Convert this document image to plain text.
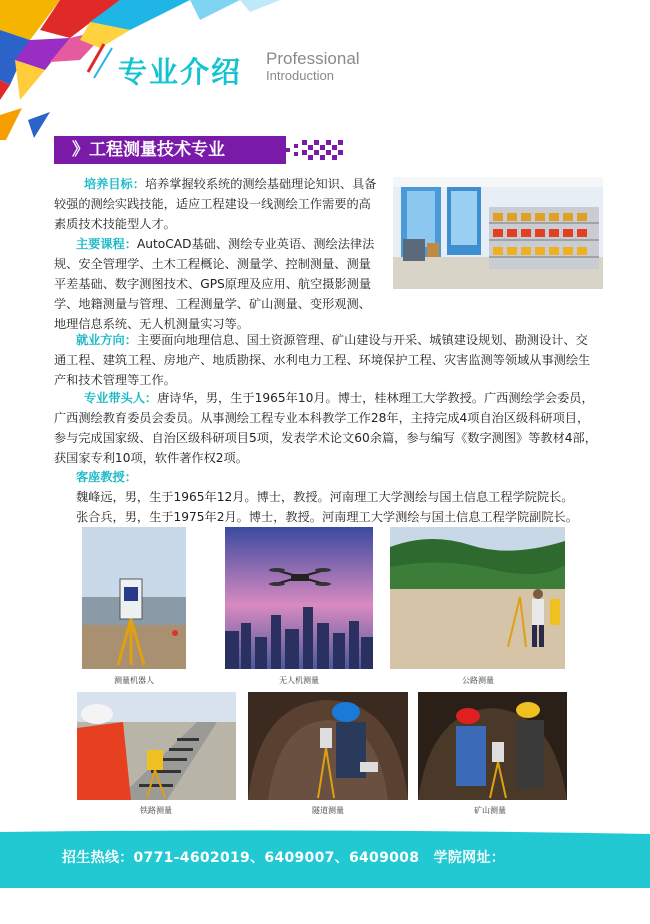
专业介绍 Professional
Introduction
》工程测量技术专业
培养目标：培养掌握较系统的测绘基础理论知识、具备
较强的测绘实践技能，适应工程建设一线测绘工作需要的高
素质技术技能型人才。
主要课程：AutoCAD基础、测绘专业英语、测绘法律法
规、安全管理学、土木工程概论、测量学、控制测量、测量
平差基础、数字测图技术、GPS原理及应用、航空摄影测量
学、地籍测量与管理、工程测量学、矿山测量、变形观测、
地理信息系统、无人机测量实习等。
就业方向：主要面向地理信息、国土资源管理、矿山建设与开采、城镇建设规划、勘测设计、交
通工程、建筑工程、房地产、地质勘探、水利电力工程、环境保护工程、灾害监测等领域从事测绘生
产和技术管理等工作。
专业带头人：唐诗华，男，生于1965年10月。博士，桂林理工大学教授。广西测绘学会委员，
广西测绘教育委员会委员。从事测绘工程专业本科教学工作28年，主持完成4项自治区级科研项目，
参与完成国家级、自治区级科研项目5项，发表学术论文60余篇，参与编写《数字测图》等教材4部，
获国家专利10项，软件著作权2项。
客座教授：
魏峰远，男，生于1965年12月。博士，教授。河南理工大学测绘与国土信息工程学院院长。
张合兵，男，生于1975年2月。博士，教授。河南理工大学测绘与国土信息工程学院副院长。
测量机器人	无人机测量	公路测量
铁路测量	隧道测量	矿山测量
招生热线：0771-4602019、6409007、6409008　学院网址：http://www.gxazy.com
